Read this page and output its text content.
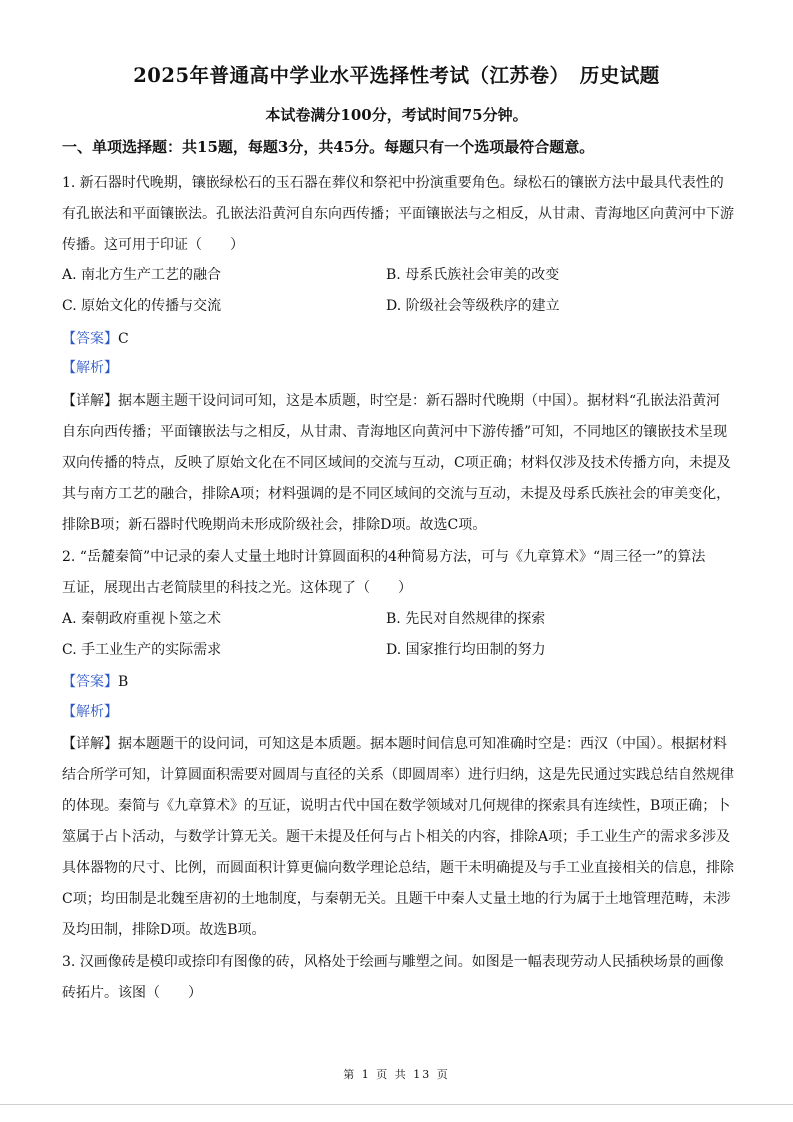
2025年普通高中学业水平选择性考试（江苏卷）　历史试题
本试卷满分100分，考试时间75分钟。
一、单项选择题：共15题，每题3分，共45分。每题只有一个选项最符合题意。
1. 新石器时代晚期，镶嵌绿松石的玉石器在葬仪和祭祀中扮演重要角色。绿松石的镶嵌方法中最具代表性的
有孔嵌法和平面镶嵌法。孔嵌法沿黄河自东向西传播；平面镶嵌法与之相反，从甘肃、青海地区向黄河中下游
传播。这可用于印证（　　）
A. 南北方生产工艺的融合	B. 母系氏族社会审美的改变
C. 原始文化的传播与交流	D. 阶级社会等级秩序的建立
【答案】C
【解析】
【详解】据本题主题干设问词可知，这是本质题，时空是：新石器时代晚期（中国）。据材料“孔嵌法沿黄河
自东向西传播；平面镶嵌法与之相反，从甘肃、青海地区向黄河中下游传播”可知，不同地区的镶嵌技术呈现
双向传播的特点，反映了原始文化在不同区域间的交流与互动，C项正确；材料仅涉及技术传播方向，未提及
其与南方工艺的融合，排除A项；材料强调的是不同区域间的交流与互动，未提及母系氏族社会的审美变化，
排除B项；新石器时代晚期尚未形成阶级社会，排除D项。故选C项。
2. “岳麓秦简”中记录的秦人丈量土地时计算圆面积的4种简易方法，可与《九章算术》“周三径一”的算法
互证，展现出古老简牍里的科技之光。这体现了（　　）
A. 秦朝政府重视卜筮之术	B. 先民对自然规律的探索
C. 手工业生产的实际需求	D. 国家推行均田制的努力
【答案】B
【解析】
【详解】据本题题干的设问词，可知这是本质题。据本题时间信息可知准确时空是：西汉（中国）。根据材料
结合所学可知，计算圆面积需要对圆周与直径的关系（即圆周率）进行归纳，这是先民通过实践总结自然规律
的体现。秦简与《九章算术》的互证，说明古代中国在数学领域对几何规律的探索具有连续性，B项正确；卜
筮属于占卜活动，与数学计算无关。题干未提及任何与占卜相关的内容，排除A项；手工业生产的需求多涉及
具体器物的尺寸、比例，而圆面积计算更偏向数学理论总结，题干未明确提及与手工业直接相关的信息，排除
C项；均田制是北魏至唐初的土地制度，与秦朝无关。且题干中秦人丈量土地的行为属于土地管理范畴，未涉
及均田制，排除D项。故选B项。
3. 汉画像砖是模印或捺印有图像的砖，风格处于绘画与雕塑之间。如图是一幅表现劳动人民插秧场景的画像
砖拓片。该图（　　）
第 1 页 共 13 页
